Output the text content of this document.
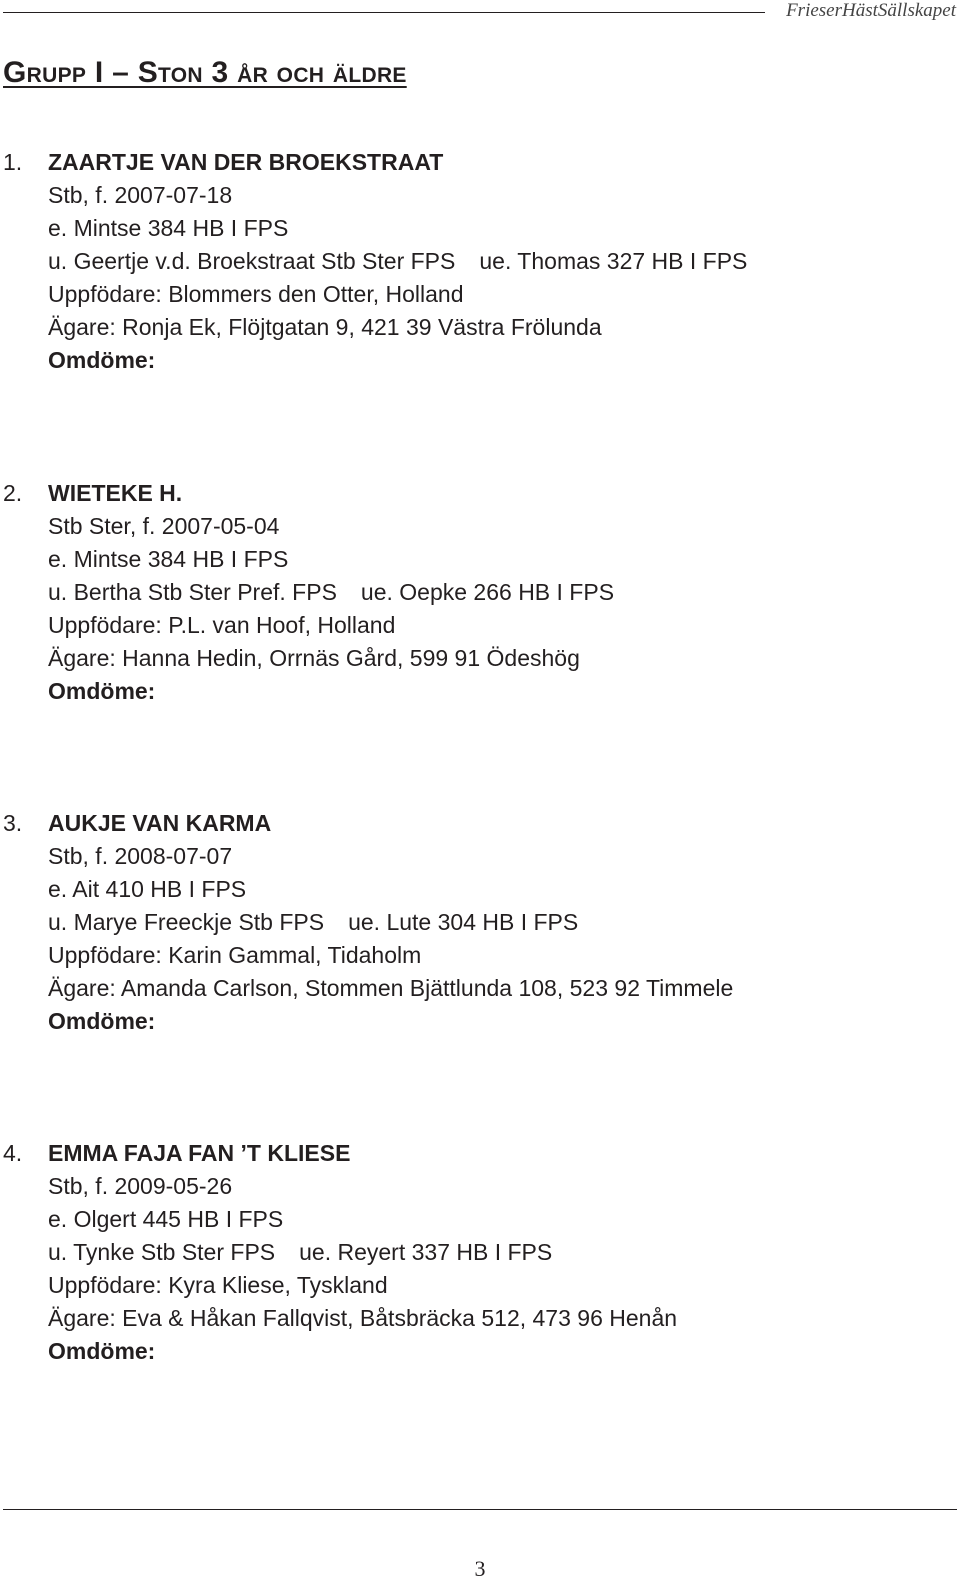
FrieserHästSällskapet
Grupp I – Ston 3 år och äldre
1. ZAARTJE VAN DER BROEKSTRAAT
Stb, f. 2007-07-18
e. Mintse 384 HB I FPS
u. Geertje v.d. Broekstraat Stb Ster FPS ue. Thomas 327 HB I FPS
Uppfödare: Blommers den Otter, Holland
Ägare: Ronja Ek, Flöjtgatan 9, 421 39 Västra Frölunda
Omdöme:
2. WIETEKE H.
Stb Ster, f. 2007-05-04
e. Mintse 384 HB I FPS
u. Bertha Stb Ster Pref. FPS ue. Oepke 266 HB I FPS
Uppfödare: P.L. van Hoof, Holland
Ägare: Hanna Hedin, Orrnäs Gård, 599 91 Ödeshög
Omdöme:
3. AUKJE VAN KARMA
Stb, f. 2008-07-07
e. Ait 410 HB I FPS
u. Marye Freeckje Stb FPS ue. Lute 304 HB I FPS
Uppfödare: Karin Gammal, Tidaholm
Ägare: Amanda Carlson, Stommen Bjättlunda 108, 523 92 Timmele
Omdöme:
4. EMMA FAJA FAN ’T KLIESE
Stb, f. 2009-05-26
e. Olgert 445 HB I FPS
u. Tynke Stb Ster FPS ue. Reyert 337 HB I FPS
Uppfödare: Kyra Kliese, Tyskland
Ägare: Eva & Håkan Fallqvist, Båtsbräcka 512, 473 96 Henån
Omdöme:
3
